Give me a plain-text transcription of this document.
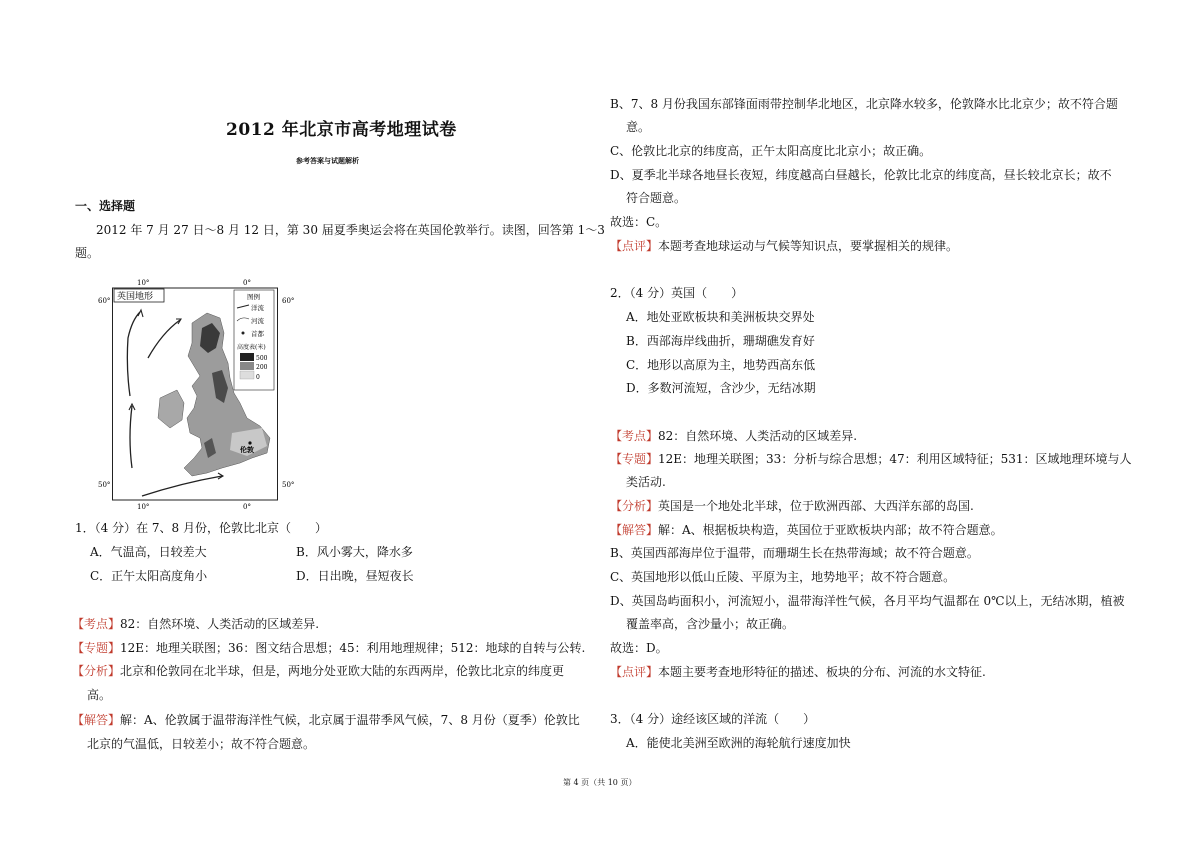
2012 年北京市高考地理试卷
参考答案与试题解析
一、选择题
2012 年 7 月 27 日～8 月 12 日，第 30 届夏季奥运会将在英国伦敦举行。读图，回答第 1～3
题。
英国地形
10°	0°
10°	0°
60°	60°
50°	50°
图例
洋流
河流
首都
高度表(米)
500
200
0
伦敦
1．（4 分）在 7、8 月份，伦敦比北京（　　）
A．气温高，日较差大	B．风小雾大，降水多
C．正午太阳高度角小	D．日出晚，昼短夜长
【考点】82：自然环境、人类活动的区域差异.
【专题】12E：地理关联图；36：图文结合思想；45：利用地理规律；512：地球的自转与公转.
【分析】北京和伦敦同在北半球，但是，两地分处亚欧大陆的东西两岸，伦敦比北京的纬度更
高。
【解答】解：A、伦敦属于温带海洋性气候，北京属于温带季风气候，7、8 月份（夏季）伦敦比
北京的气温低，日较差小；故不符合题意。
B、7、8 月份我国东部锋面雨带控制华北地区，北京降水较多，伦敦降水比北京少；故不符合题
意。
C、伦敦比北京的纬度高，正午太阳高度比北京小；故正确。
D、夏季北半球各地昼长夜短，纬度越高白昼越长，伦敦比北京的纬度高，昼长较北京长；故不
符合题意。
故选：C。
【点评】本题考查地球运动与气候等知识点，要掌握相关的规律。
2．（4 分）英国（　　）
A．地处亚欧板块和美洲板块交界处
B．西部海岸线曲折，珊瑚礁发育好
C．地形以高原为主，地势西高东低
D．多数河流短，含沙少，无结冰期
【考点】82：自然环境、人类活动的区域差异.
【专题】12E：地理关联图；33：分析与综合思想；47：利用区域特征；531：区域地理环境与人
类活动.
【分析】英国是一个地处北半球，位于欧洲西部、大西洋东部的岛国.
【解答】解：A、根据板块构造，英国位于亚欧板块内部；故不符合题意。
B、英国西部海岸位于温带，而珊瑚生长在热带海域；故不符合题意。
C、英国地形以低山丘陵、平原为主，地势地平；故不符合题意。
D、英国岛屿面积小，河流短小，温带海洋性气候，各月平均气温都在 0℃以上，无结冰期，植被
覆盖率高，含沙量小；故正确。
故选：D。
【点评】本题主要考查地形特征的描述、板块的分布、河流的水文特征.
3．（4 分）途经该区域的洋流（　　）
A．能使北美洲至欧洲的海轮航行速度加快
第 4 页（共 10 页）
